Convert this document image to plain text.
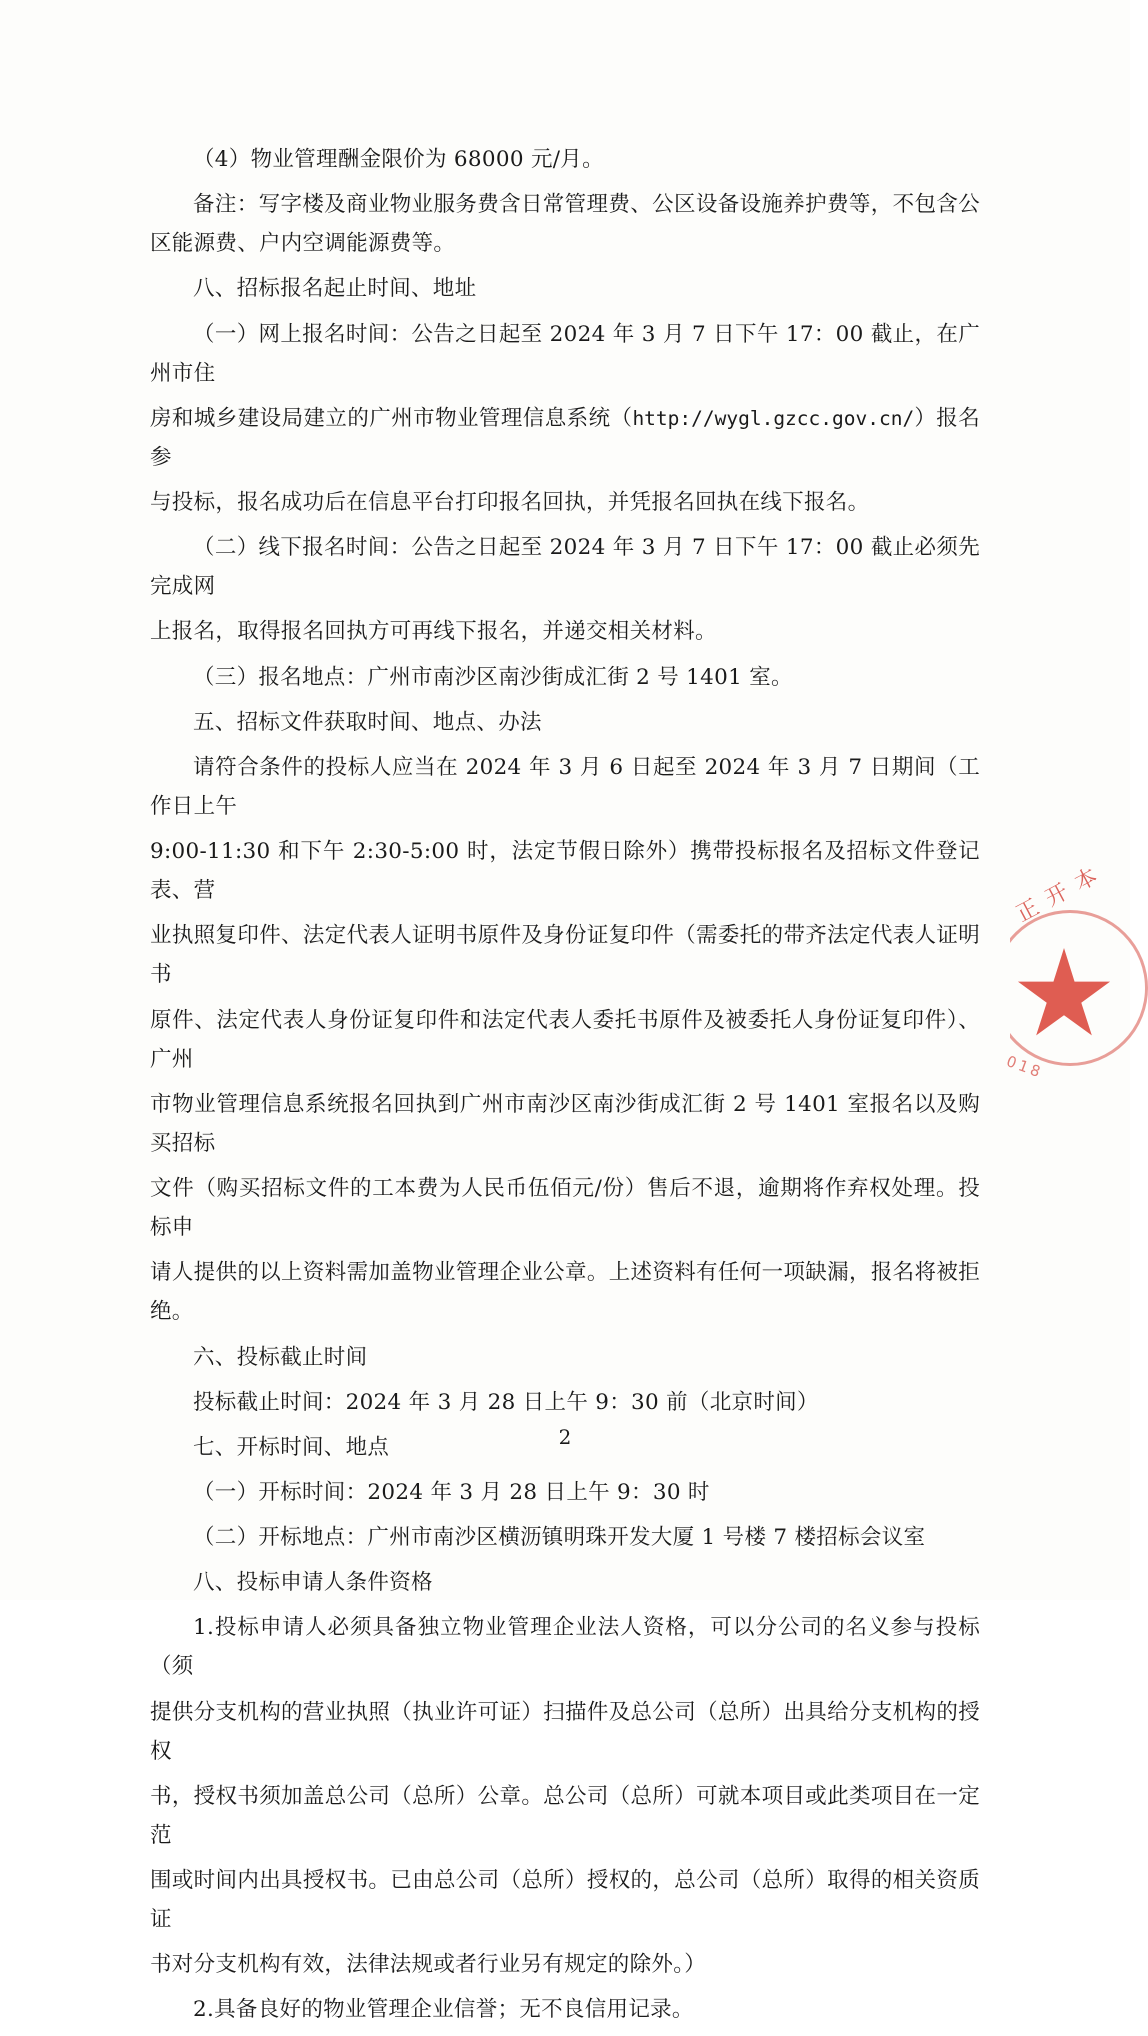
（4）物业管理酬金限价为 68000 元/月。

备注：写字楼及商业物业服务费含日常管理费、公区设备设施养护费等，不包含公区能源费、户内空调能源费等。

八、招标报名起止时间、地址

（一）网上报名时间：公告之日起至 2024 年 3 月 7 日下午 17：00 截止，在广州市住

房和城乡建设局建立的广州市物业管理信息系统（http://wygl.gzcc.gov.cn/）报名参

与投标，报名成功后在信息平台打印报名回执，并凭报名回执在线下报名。

（二）线下报名时间：公告之日起至 2024 年 3 月 7 日下午 17：00 截止必须先完成网

上报名，取得报名回执方可再线下报名，并递交相关材料。

（三）报名地点：广州市南沙区南沙街成汇街 2 号 1401 室。

五、招标文件获取时间、地点、办法

请符合条件的投标人应当在 2024 年 3 月 6 日起至 2024 年 3 月 7 日期间（工作日上午

9:00-11:30 和下午 2:30-5:00 时，法定节假日除外）携带投标报名及招标文件登记表、营

业执照复印件、法定代表人证明书原件及身份证复印件（需委托的带齐法定代表人证明书

原件、法定代表人身份证复印件和法定代表人委托书原件及被委托人身份证复印件）、广州

市物业管理信息系统报名回执到广州市南沙区南沙街成汇街 2 号 1401 室报名以及购买招标

文件（购买招标文件的工本费为人民币伍佰元/份）售后不退，逾期将作弃权处理。投标申

请人提供的以上资料需加盖物业管理企业公章。上述资料有任何一项缺漏，报名将被拒绝。

六、投标截止时间

投标截止时间：2024 年 3 月 28 日上午 9：30 前（北京时间）

七、开标时间、地点

（一）开标时间：2024 年 3 月 28 日上午 9：30 时

（二）开标地点：广州市南沙区横沥镇明珠开发大厦 1 号楼 7 楼招标会议室

八、投标申请人条件资格

1.投标申请人必须具备独立物业管理企业法人资格，可以分公司的名义参与投标（须

提供分支机构的营业执照（执业许可证）扫描件及总公司（总所）出具给分支机构的授权

书，授权书须加盖总公司（总所）公章。总公司（总所）可就本项目或此类项目在一定范

围或时间内出具授权书。已由总公司（总所）授权的，总公司（总所）取得的相关资质证

书对分支机构有效，法律法规或者行业另有规定的除外。）

2.具备良好的物业管理企业信誉；无不良信用记录。

正 开 本
018
2
